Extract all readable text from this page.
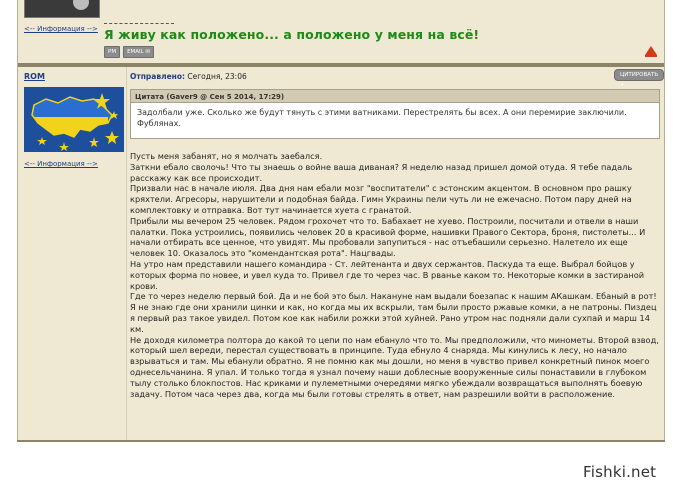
<-- Информация --> Я живу как положено... а положено у меня на всё!
PM	EMAIL ✉
ROM
<-- Информация -->
Отправлено: Сегодня, 23:06	ЦИТИРОВАТЬ +
Цитата (Gaver9 @ Сен 5 2014, 17:29)
Задолбали уже. Сколько же будут тянуть с этими ватниками. Перестрелять бы всех. А они перемирие заключили. Фублянах.

Пусть меня забанят, но я молчать заебался.

Заткни ебало сволочь! Что ты знаешь о войне ваша диваная? Я неделю назад пришел домой отуда. Я тебе падаль расскажу как все происходит.

Призвали нас в начале июля. Два дня нам ебали мозг "воспитатели" с эстонским акцентом. В основном про рашку кряхтели. Агресоры, нарушители и подобная байда. Гимн Украины пели чуть ли не ежечасно. Потом пару дней на комплектовку и отправка. Вот тут начинается хуета с гранатой.

Прибыли мы вечером 25 человек. Рядом грохочет что то. Бабахает не хуево. Построили, посчитали и отвели в наши палатки. Пока устроились, появились человек 20 в красивой форме, нашивки Правого Сектора, броня, пистолеты... И начали отбирать все ценное, что увидят. Мы пробовали запупиться - нас отъебашили серьезно. Налетело их еще человек 10. Оказалось это "комендантская рота". Нацгвады.

На утро нам представили нашего командира - Ст. лейтенанта и двух сержантов. Паскуда та еще. Выбрал бойцов у которых форма по новее, и увел куда то. Привел где то через час. В рванье каком то. Некоторые комки в застираной крови.

Где то через неделю первый бой. Да и не бой это был. Накануне нам выдали боезапас к нашим АКашкам. Ебаный в рот! Я не знаю где они хранили цинки и как, но когда мы их вскрыли, там были просто ржавые комки, а не патроны. Пиздец я первый раз такое увидел. Потом кое как набили рожки этой хуйней. Рано утром нас подняли дали сухпай и марш 14 км.

Не доходя километра полтора до какой то цепи по нам ебануло что то. Мы предположили, что минометы. Второй взвод, который шел вереди, перестал существовать в принципе. Туда ебнуло 4 снаряда. Мы кинулись к лесу, но начало взрываться и там. Мы ебанули обратно. Я не помню как мы дошли, но меня в чувство привел конкретный пинок моего однесельчанина. Я упал. И только тогда я узнал почему наши доблесные вооруженные силы понаставили в глубоком тылу столько блокпостов. Нас криками и пулеметными очередями мягко убеждали возвращаться выполнять боевую задачу. Потом часа через два, когда мы были готовы стрелять в ответ, нам разрешили войти в расположение.

Fishki.net
